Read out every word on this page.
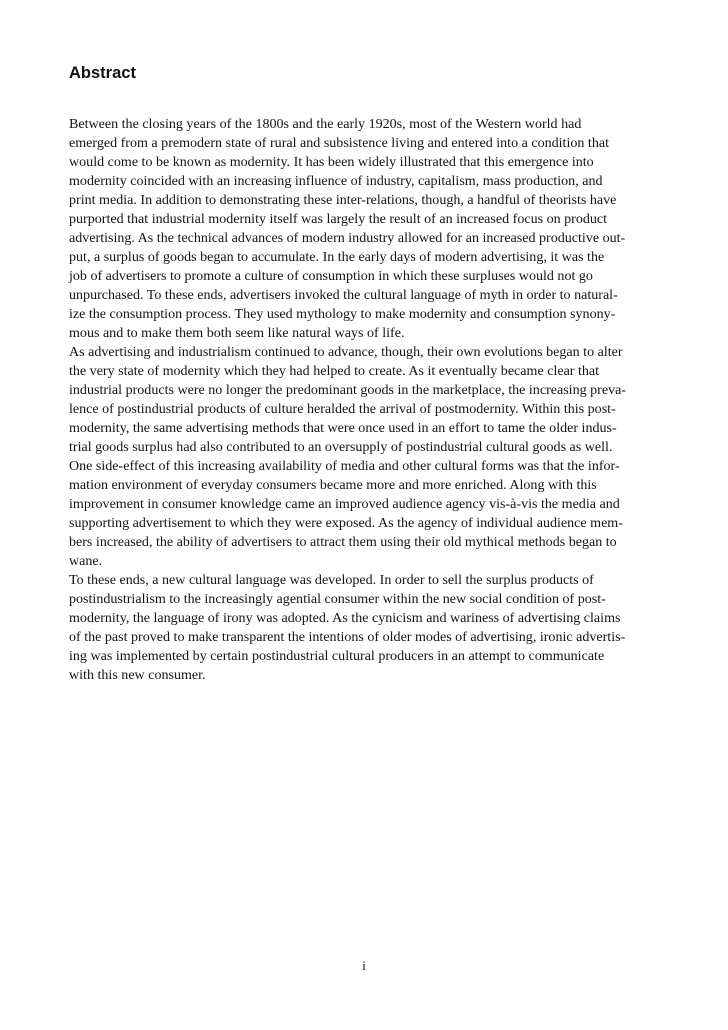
Abstract
Between the closing years of the 1800s and the early 1920s, most of the Western world had
emerged from a premodern state of rural and subsistence living and entered into a condition that
would come to be known as modernity. It has been widely illustrated that this emergence into
modernity coincided with an increasing influence of industry, capitalism, mass production, and
print media. In addition to demonstrating these inter-relations, though, a handful of theorists have
purported that industrial modernity itself was largely the result of an increased focus on product
advertising. As the technical advances of modern industry allowed for an increased productive out-
put, a surplus of goods began to accumulate. In the early days of modern advertising, it was the
job of advertisers to promote a culture of consumption in which these surpluses would not go
unpurchased. To these ends, advertisers invoked the cultural language of myth in order to natural-
ize the consumption process. They used mythology to make modernity and consumption synony-
mous and to make them both seem like natural ways of life.
As advertising and industrialism continued to advance, though, their own evolutions began to alter
the very state of modernity which they had helped to create. As it eventually became clear that
industrial products were no longer the predominant goods in the marketplace, the increasing preva-
lence of postindustrial products of culture heralded the arrival of postmodernity. Within this post-
modernity, the same advertising methods that were once used in an effort to tame the older indus-
trial goods surplus had also contributed to an oversupply of postindustrial cultural goods as well.
One side-effect of this increasing availability of media and other cultural forms was that the infor-
mation environment of everyday consumers became more and more enriched. Along with this
improvement in consumer knowledge came an improved audience agency vis-à-vis the media and
supporting advertisement to which they were exposed. As the agency of individual audience mem-
bers increased, the ability of advertisers to attract them using their old mythical methods began to
wane.
To these ends, a new cultural language was developed. In order to sell the surplus products of
postindustrialism to the increasingly agential consumer within the new social condition of post-
modernity, the language of irony was adopted. As the cynicism and wariness of advertising claims
of the past proved to make transparent the intentions of older modes of advertising, ironic advertis-
ing was implemented by certain postindustrial cultural producers in an attempt to communicate
with this new consumer.

i
